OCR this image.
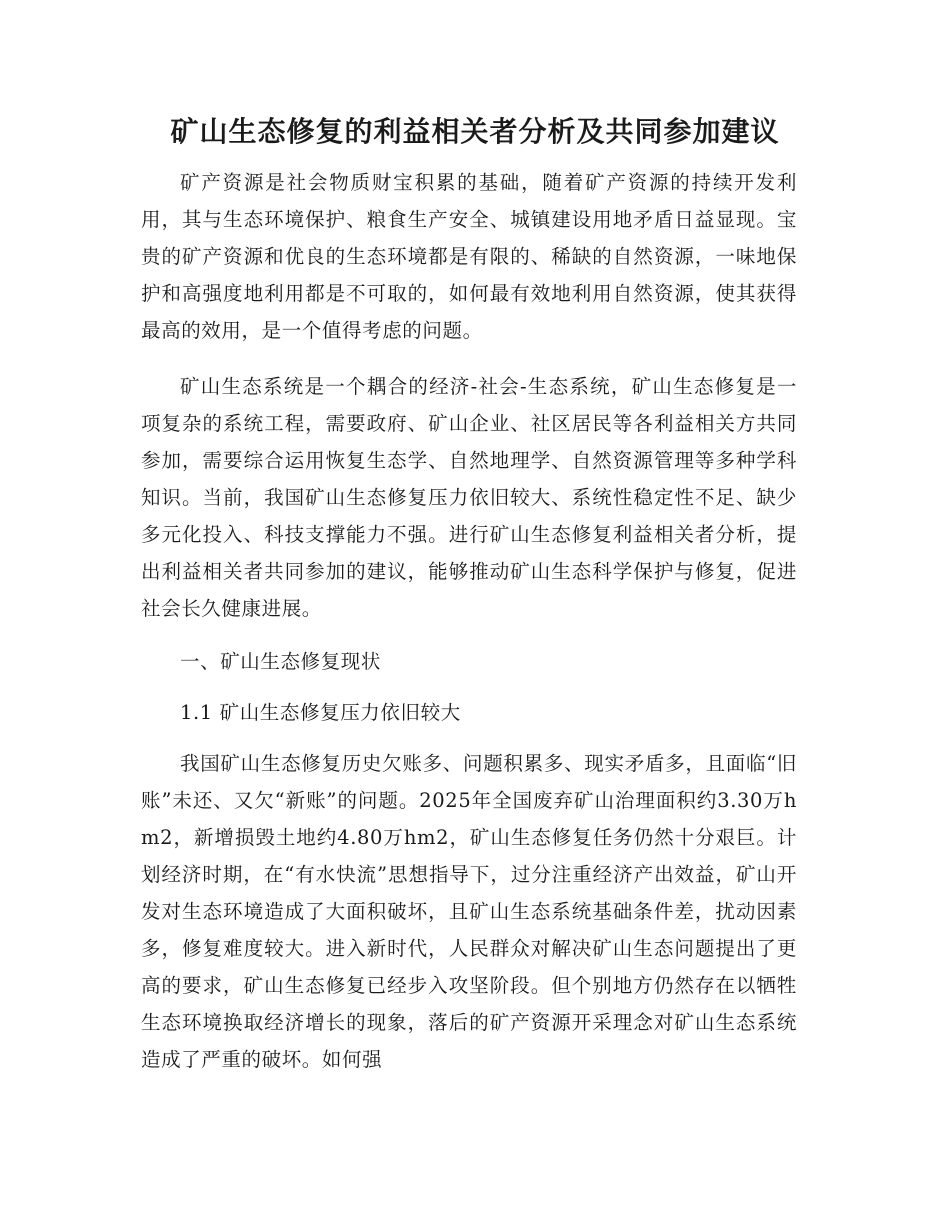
矿山生态修复的利益相关者分析及共同参加建议

矿产资源是社会物质财宝积累的基础，随着矿产资源的持续开发利用，其与生态环境保护、粮食生产安全、城镇建设用地矛盾日益显现。宝贵的矿产资源和优良的生态环境都是有限的、稀缺的自然资源，一味地保护和高强度地利用都是不可取的，如何最有效地利用自然资源，使其获得最高的效用，是一个值得考虑的问题。

矿山生态系统是一个耦合的经济-社会-生态系统，矿山生态修复是一项复杂的系统工程，需要政府、矿山企业、社区居民等各利益相关方共同参加，需要综合运用恢复生态学、自然地理学、自然资源管理等多种学科知识。当前，我国矿山生态修复压力依旧较大、系统性稳定性不足、缺少多元化投入、科技支撑能力不强。进行矿山生态修复利益相关者分析，提出利益相关者共同参加的建议，能够推动矿山生态科学保护与修复，促进社会长久健康进展。

一、矿山生态修复现状

1.1 矿山生态修复压力依旧较大

我国矿山生态修复历史欠账多、问题积累多、现实矛盾多，且面临“旧账”未还、又欠“新账”的问题。2025年全国废弃矿山治理面积约3.30万hm2，新增损毁土地约4.80万hm2，矿山生态修复任务仍然十分艰巨。计划经济时期，在“有水快流”思想指导下，过分注重经济产出效益，矿山开发对生态环境造成了大面积破坏，且矿山生态系统基础条件差，扰动因素多，修复难度较大。进入新时代，人民群众对解决矿山生态问题提出了更高的要求，矿山生态修复已经步入攻坚阶段。但个别地方仍然存在以牺牲生态环境换取经济增长的现象，落后的矿产资源开采理念对矿山生态系统造成了严重的破坏。如何强
